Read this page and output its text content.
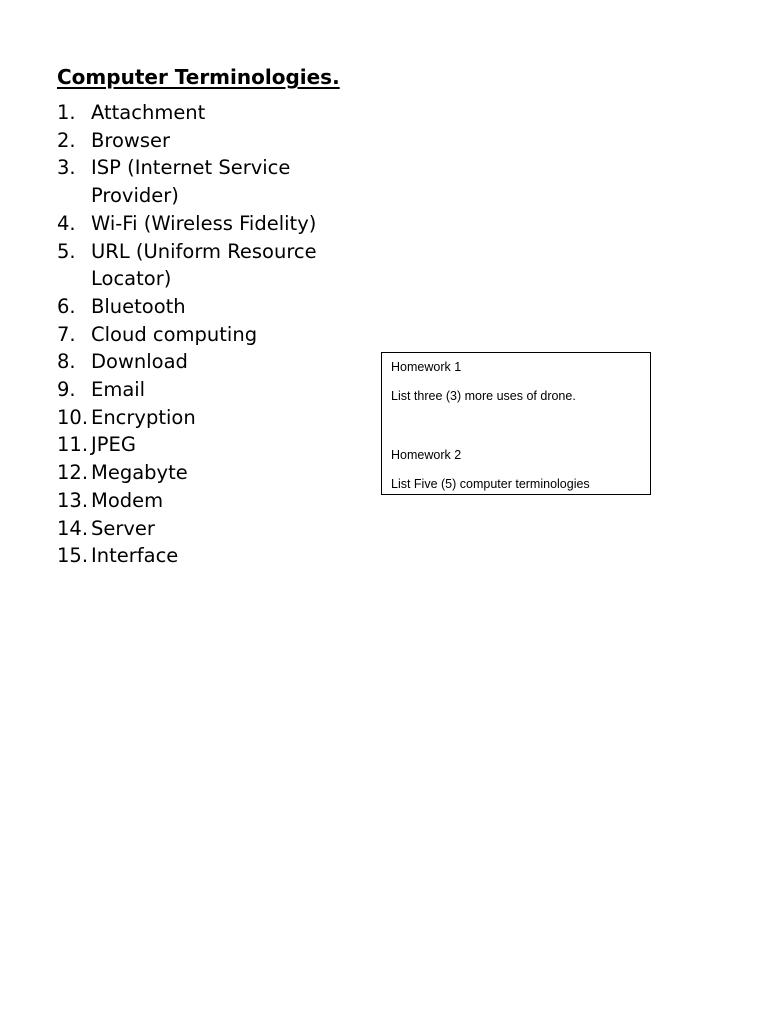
Computer Terminologies.
1. Attachment
2. Browser
3. ISP (Internet Service Provider)
4. Wi-Fi (Wireless Fidelity)
5. URL (Uniform Resource Locator)
6. Bluetooth
7. Cloud computing
8. Download
9. Email
10. Encryption
11. JPEG
12. Megabyte
13. Modem
14. Server
15. Interface

Homework 1

List three (3) more uses of drone.

Homework 2

List Five (5) computer terminologies
